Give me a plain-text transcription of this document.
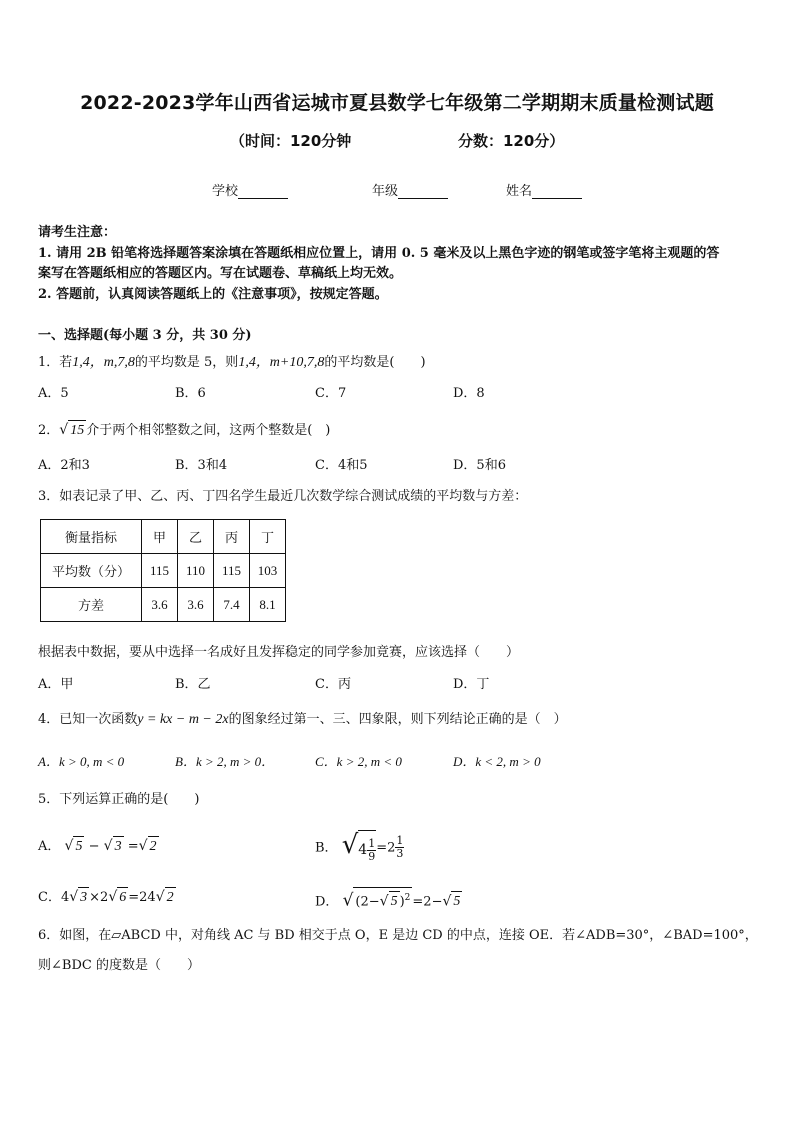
2022-2023学年山西省运城市夏县数学七年级第二学期期末质量检测试题
（时间：120分钟	分数：120分）
学校	年级	姓名
请考生注意：
1. 请用 2B 铅笔将选择题答案涂填在答题纸相应位置上，请用 0. 5 毫米及以上黑色字迹的钢笔或签字笔将主观题的答
案写在答题纸相应的答题区内。写在试题卷、草稿纸上均无效。
2. 答题前，认真阅读答题纸上的《注意事项》，按规定答题。
一、选择题(每小题 3 分，共 30 分)
1．若1,4，m,7,8的平均数是 5，则1,4，m+10,7,8的平均数是(　　)
A．5	B．6	C．7	D．8
2．√ 15 介于两个相邻整数之间，这两个整数是(　)
A．2和3	B．3和4	C．4和5	D．5和6
3．如表记录了甲、乙、丙、丁四名学生最近几次数学综合测试成绩的平均数与方差：
衡量指标	甲	乙	丙	丁
平均数（分）	115	110	115	103
方差	3.6	3.6	7.4	8.1
根据表中数据，要从中选择一名成好且发挥稳定的同学参加竟赛，应该选择（　　）
A．甲	B．乙	C．丙	D．丁
4．已知一次函数y = kx − m − 2x的图象经过第一、三、四象限，则下列结论正确的是（　）
A．k > 0, m < 0	B．k > 2, m > 0．	C．k > 2, m < 0	D．k < 2, m > 0
5．下列运算正确的是(　　)
A． √ 5 − √ 3 =√ 2	B． $√4 \frac{1}{9} =2 \frac{1}{3}$
C．4√ 3 ×2√ 6 =24√ 2	D． √ (2−√ 5 )$^2$ =2−√ 5
6．如图，在▱ABCD 中，对角线 AC 与 BD 相交于点 O，E 是边 CD 的中点，连接 OE．若∠ADB=30°，∠BAD=100°，
则∠BDC 的度数是（　　）
